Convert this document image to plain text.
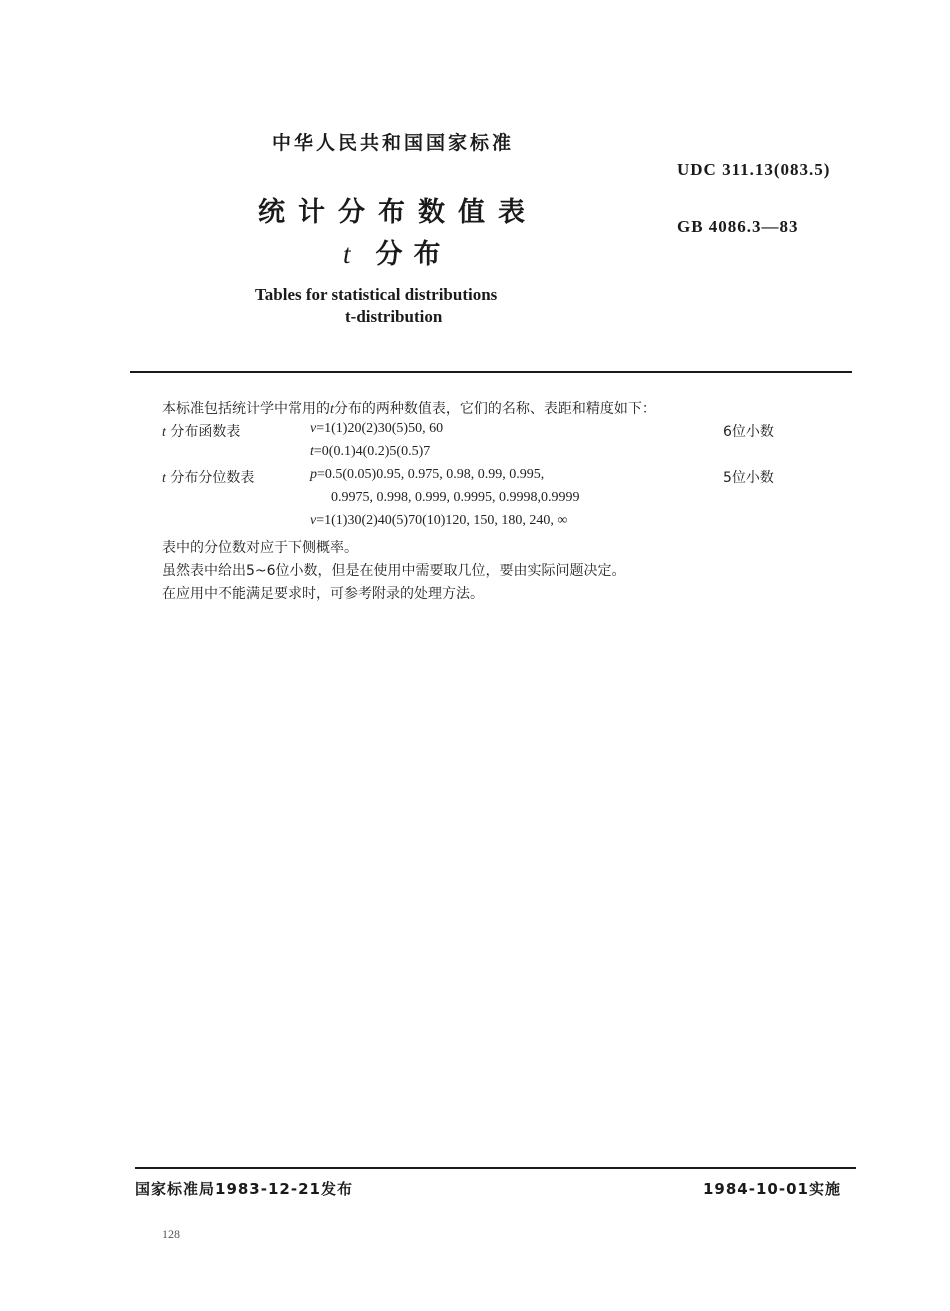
中华人民共和国国家标准
UDC 311.13(083.5)
统计分布数值表	GB 4086.3—83
t 分布
Tables for statistical distributions
t-distribution
本标准包括统计学中常用的t分布的两种数值表，它们的名称、表距和精度如下：
t 分布函数表	ν=1(1)20(2)30(5)50, 60	6位小数
t=0(0.1)4(0.2)5(0.5)7
t 分布分位数表	p=0.5(0.05)0.95, 0.975, 0.98, 0.99, 0.995,	5位小数
0.9975, 0.998, 0.999, 0.9995, 0.9998,0.9999
ν=1(1)30(2)40(5)70(10)120, 150, 180, 240, ∞
表中的分位数对应于下侧概率。
虽然表中给出5~6位小数，但是在使用中需要取几位，要由实际问题决定。
在应用中不能满足要求时，可参考附录的处理方法。
国家标准局1983-12-21发布	1984-10-01实施
128
